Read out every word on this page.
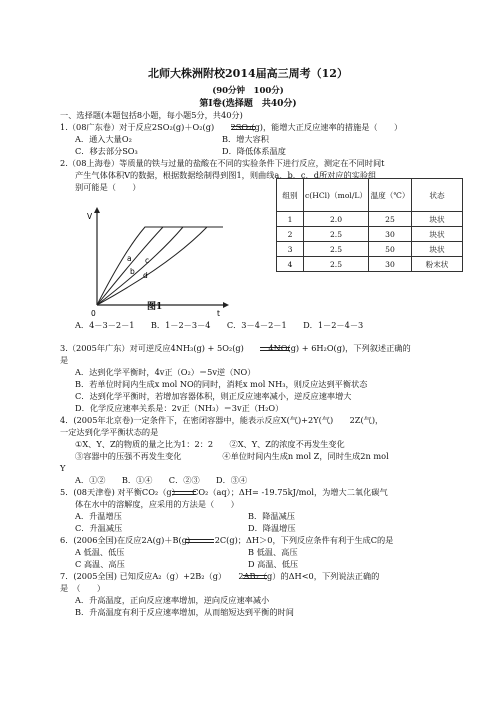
北师大株洲附校2014届高三周考（12）
(90分钟　100分)
第Ⅰ卷(选择题　共40分)
一、选择题(本题包括8小题，每小题5分，共40分)
1.（08广东卷）对于反应2SO₂(g)＋O₂(g)　　2SO₃(g)，能增大正反应速率的措施是（　　）
A．通入大量O₂	B．增大容积
C．移去部分SO₃	D．降低体系温度
2.（08上海卷）等质量的铁与过量的盐酸在不同的实验条件下进行反应，测定在不同时间t
产生气体体积V的数据，根据数据绘制得到图1，则曲线a、b、c、d所对应的实验组
别可能是（　　）
V
0	t
a
b
c
d
图1
组别	c(HCl)（mol/L）	温度（℃）	状态
1	2.0	25	块状
2	2.5	30	块状
3	2.5	50	块状
4	2.5	30	粉末状
A．4－3－2－1　　B．1－2－3－4　　C．3－4－2－1　　D．1－2－4－3
3.（2005年广东）对可逆反应4NH₃(g) + 5O₂(g)　　　4NO(g) + 6H₂O(g)，下列叙述正确的
是
A．达到化学平衡时，4v正（O₂）＝5v逆（NO）
B．若单位时间内生成x mol NO的同时，消耗x mol NH₃，则反应达到平衡状态
C．达到化学平衡时，若增加容器体积，则正反应速率减小，逆反应速率增大
D．化学反应速率关系是：2v正（NH₃）＝3v正（H₂O）
4．(2005年北京卷)一定条件下，在密闭容器中，能表示反应X(气)+2Y(气)　　2Z(气)，
一定达到化学平衡状态的是
①X、Y、Z的物质的量之比为1：2：2　　②X、Y、Z的浓度不再发生变化
③容器中的压强不再发生变化　　　　　④单位时间内生成n mol Z，同时生成2n mol
Y
A．①②　　B．①④　　C．②③　　D．③④
5．(08天津卷) 对平衡CO₂（g）　　CO₂（aq）；ΔH= -19.75kJ/mol，为增大二氧化碳气
体在水中的溶解度，应采用的方法是（　　）
A．升温增压	B．降温减压
C．升温减压	D．降温增压
6．(2006全国)在反应2A(g)＋B(g)　　　2C(g)；ΔH＞0，下列反应条件有利于生成C的是
A 低温、低压	B 低温、高压
C 高温、高压	D 高温、低压
7．(2005全国) 已知反应A₂（g）+2B₂（g）　　2AB₂（g）的ΔH<0，下列说法正确的
是　（　　）
A．升高温度，正向反应速率增加，逆向反应速率减小
B．升高温度有利于反应速率增加，从而缩短达到平衡的时间
